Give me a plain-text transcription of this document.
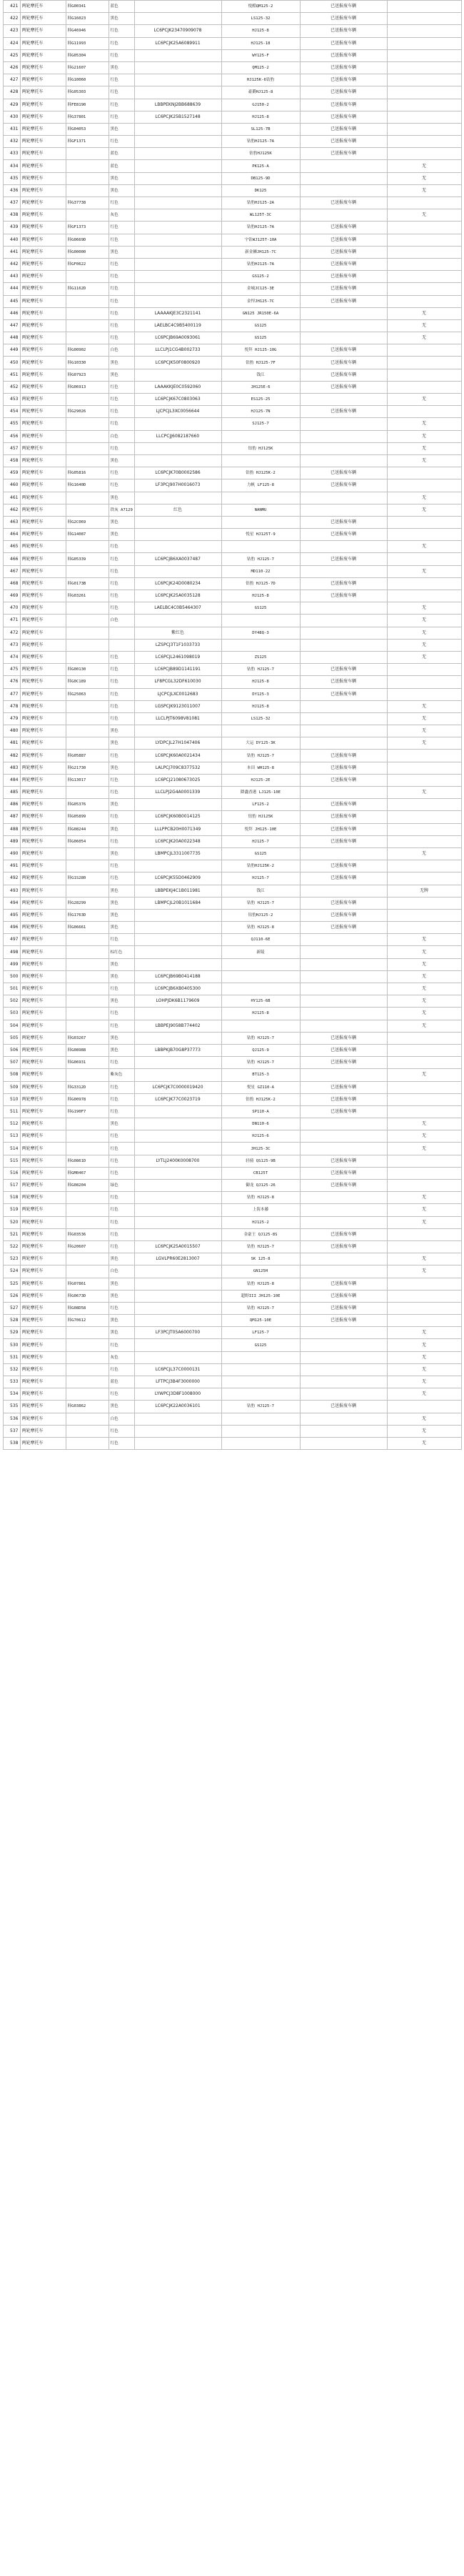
421	两轮摩托车	韩G00341	蓝色		悦酷QM125-2	已送报废车辆	
422	两轮摩托车	韩G16023	黑色		LS125-32	已送报废车辆	
423	两轮摩托车	韩G46946	红色	LC6PCJK23470909078	HJ125-8	已送报废车辆	
424	两轮摩托车	韩G11993	红色	LC6PCJK25A6089911	HJ125-18	已送报废车辆	
425	两轮摩托车	韩G05304	红色		WY125-F	已送报废车辆	
426	两轮摩托车	韩G21607	黑色		QM125-2	已送报废车辆	
427	两轮摩托车	韩G10060	红色		HJ125K-6钻豹	已送报废车辆	
428	两轮摩托车	韩G05303	红色		豪爵HJ125-8	已送报废车辆	
429	两轮摩托车	韩FE8190	红色	LBBPEKNJ2BB688639	GJ150-2	已送报废车辆	
430	两轮摩托车	韩G37801	红色	LC6PCJK25B1527148	HJ125-8	已送报废车辆	
431	两轮摩托车	韩G04053	黑色		SL125-7B	已送报废车辆	
432	两轮摩托车	韩GF1371	红色		钻豹HJ125-7A	已送报废车辆	
433	两轮摩托车		蓝色		钻豹HJ125K	已送报废车辆	
434	两轮摩托车		蓝色		PK125-A		无
435	两轮摩托车		黑色		DB125-9D		无
436	两轮摩托车		黑色		DK125		无
437	两轮摩托车	韩G37738	红色		钻豹HJ125-2A	已送报废车辆	
438	两轮摩托车		灰色		WL125T-3C		无
439	两轮摩托车	韩GF1373	红色		钻豹HJ125-7A	已送报废车辆	
440	两轮摩托车	韩G0669D	红色		宇钻WJ125T-10A	已送报废车辆	
441	两轮摩托车	韩G00000	黑色		新金狮JH125-7C	已送报废车辆	
442	两轮摩托车	韩GF0622	红色		钻豹HJ125-7A	已送报废车辆	
443	两轮摩托车		红色		GS125-2	已送报废车辆	
444	两轮摩托车	韩G1162D	红色		金城JC125-3E	已送报废车辆	
445	两轮摩托车		红色		金悍JH125-7C	已送报废车辆	
446	两轮摩托车		红色	LAAAAKJE3C2321141	GN125 JR150E-6A		无
447	两轮摩托车		红色	LAELBC4C9B5400119	GS125		无
448	两轮摩托车		红色	LC6PCJB69A0093061	GS125		无
449	两轮摩托车	韩G00902	白色	LLCLPJ1CG4B002733	悦拜 HJ125-10G	已送报废车辆	
450	两轮摩托车	韩G10330	黑色	LC6PCJK50F0800920	钻豹 HJ125-7F	已送报废车辆	
451	两轮摩托车	韩G07923	黑色		钱江	已送报废车辆	
452	两轮摩托车	韩G06913	红色	LAAAKKJE0C0592060	JH125E-6	已送报废车辆	
453	两轮摩托车		红色	LC6PCJK67C0803063	ES125-25		无
454	两轮摩托车	韩G29026	红色	LJCPCJL3XC0056644	HJ125-7N	已送报废车辆	
455	两轮摩托车		红色		SJ125-7		无
456	两轮摩托车		白色	LLCPCJJ6082187660			无
457	两轮摩托车		红色		钻豹 HJ125K		无
458	两轮摩托车		黑色				无
459	两轮摩托车	韩G05816	红色	LC6PCJK70B0002586	钻豹 HJ125K-2	已送报废车辆	
460	两轮摩托车	韩G1640D	红色	LF3PCJ907H0016073	力帆 LF125-8	已送报废车辆	
461	两轮摩托车		黑色				无
462	两轮摩托车		铁灰 A7129	红色	NANMU		无
463	两轮摩托车	韩G2C069	黑色			已送报废车辆	
464	两轮摩托车	韩G14087	黑色		悦星 HJ125T-9	已送报废车辆	
465	两轮摩托车		红色				无
466	两轮摩托车	韩G05339	红色	LC6PCJB6XA0037487	钻豹 HJ125-7	已送报废车辆	
467	两轮摩托车		红色		MD110-22		无
468	两轮摩托车	韩G0173B	红色	LC6PCJK24D0080234	钻豹 HJ125-7D	已送报废车辆	
469	两轮摩托车	韩G03261	红色	LC6PCJK25A0035128	HJ125-8	已送报废车辆	
470	两轮摩托车		红色	LAELBC4C0B5464307	GS125		无
471	两轮摩托车		白色				无
472	两轮摩托车			紫红色	DY48Q-3		无
473	两轮摩托车			LZSPCJ3T1F1033733			无
474	两轮摩托车		红色	LC6PCJL2461098019	ZS125		无
475	两轮摩托车	韩G00130	红色	LC6PCJB89D1141191	钻豹 HJ125-7	已送报废车辆	
476	两轮摩托车	韩G0C189	红色	LF8PCGL32DF610030	HJ125-8	已送报废车辆	
477	两轮摩托车	韩G25063	红色	LJCPCJLXC0012683	DY125-3	已送报废车辆	
478	两轮摩托车		红色	LGSPCJK9123011007	HJ125-8		无
479	两轮摩托车		红色	LLCLPJT6098V81081	LS125-32		无
480	两轮摩托车		黑色				无
481	两轮摩托车		黑色	LYDPCJL27H1047406	大运 DY125-3K		无
482	两轮摩托车	韩G05887	红色	LC6PCJK60A0021434	钻豹 HJ125-7	已送报废车辆	
483	两轮摩托车	韩G21730	黑色	LALPCJ709C8377532	本田 WH125-8	已送报废车辆	
484	两轮摩托车	韩G13017	红色	LC6PCJ21080673025	HJ125-2E	已送报废车辆	
485	两轮摩托车		红色	LLCLPJ2G4A0001339	降鑫香港 LJ125-10E		无
486	两轮摩托车	韩G05376	黑色		LF125-2	已送报废车辆	
487	两轮摩托车	韩G05899	红色	LC6PCJK60B0014125	钻豹 HJ125K	已送报废车辆	
488	两轮摩托车	韩G08244	黑色	LLLPPCB20H0071349	悦拜 JH125-10E	已送报废车辆	
489	两轮摩托车	韩G06054	红色	LC6PCJK20A0022348	HJ125-7	已送报废车辆	
490	两轮摩托车		黑色	LBMPCJL3311007735	GS125		无
491	两轮摩托车		红色		钻豹HJ125K-2	已送报废车辆	
492	两轮摩托车	韩G1S280	红色	LC6PCJK55D0462909	HJ125-7	已送报废车辆	
493	两轮摩托车		黑色	LBBPEKJ4C1B011981	钱江		无牌
494	两轮摩托车	韩G28299	黑色	LBMPCJL20B1011684	钻豹 HJ125-7	已送报废车辆	
495	两轮摩托车	韩G1763D	黑色		钻豹HJ125-2	已送报废车辆	
496	两轮摩托车	韩G06661	黑色		钻豹 HJ125-8	已送报废车辆	
497	两轮摩托车		红色		QJ110-6E		无
498	两轮摩托车		棕红色		新陵		无
499	两轮摩托车		黑色				无
500	两轮摩托车		黑色	LC6PCJB69B0414188			无
501	两轮摩托车		红色	LC6PCJB6XB0405300			无
502	两轮摩托车		黑色	LOHPJDK6B1179609	HY125-6B		无
503	两轮摩托车		红色		HJ125-8		无
504	两轮摩托车		红色	LBBPEJ9058B774402			无
505	两轮摩托车	韩G03267	黑色		钻豹 HJ125-7	已送报废车辆	
506	两轮摩托车	韩G08988	黑色	LBBPKJB70G8P37773	QJ125-9	已送报废车辆	
507	两轮摩托车	韩G06931	红色		钻豹 HJ125-7	已送报废车辆	
508	两轮摩托车		紫灰色		BT125-3		无
509	两轮摩托车	韩G3312D	红色	LC6PCJK7C0000019420	悦星 GZ110-A	已送报废车辆	
510	两轮摩托车	韩G00978	红色	LC6PCJK77C0023719	钻豹 HJ125K-2	已送报废车辆	
511	两轮摩托车	韩G190F7	红色		SP110-A	已送报废车辆	
512	两轮摩托车		黑色		DN110-6		无
513	两轮摩托车		红色		HJ125-6		无
514	两轮摩托车		红色		JH125-3C		无
515	两轮摩托车	韩G0861D	红色	LYTLJ2400K0008700	轻骑 QS125-9B	已送报废车辆	
516	两轮摩托车	韩GM0467	红色		CB125T	已送报废车辆	
517	两轮摩托车	韩G08204	绿色		御龙 QJ125-26	已送报废车辆	
518	两轮摩托车		红色		钻豹 HJ125-8		无
519	两轮摩托车		红色		上海本藤		无
520	两轮摩托车		红色		HJ125-2		无
521	两轮摩托车	韩G03536	红色		金豪王 QJ125-8S	已送报废车辆	
522	两轮摩托车	韩G20607	红色	LC6PCJK25A0015507	钻豹 HJ125-7	已送报废车辆	
523	两轮摩托车		黑色	LGVLPR60E2813007	SK 125-8		无
524	两轮摩托车		白色		GN125H		无
525	两轮摩托车	韩G07861	黑色		钻豹 HJ125-8	已送报废车辆	
526	两轮摩托车	韩G0673D	黑色		超野III JH125-10E	已送报废车辆	
527	两轮摩托车	韩G08D58	红色		钻豹 HJ125-7	已送报废车辆	
528	两轮摩托车	韩G70612	黑色		QM125-10E	已送报废车辆	
529	两轮摩托车		黑色	LF3PCJT05A6000700	LF125-7		无
530	两轮摩托车		红色		GS125		无
531	两轮摩托车		灰色				无
532	两轮摩托车		红色	LC6PCJL37C0000131			无
533	两轮摩托车		蓝色	LFTPCJ3B4F3000000			无
534	两轮摩托车		红色	LYWPCJ3D8F1008000			无
535	两轮摩托车	韩G03862	黑色	LC6PCJK22A0036101	钻豹 HJ125-7	已送报废车辆	
536	两轮摩托车		白色				无
537	两轮摩托车		红色				无
538	两轮摩托车		红色				无
